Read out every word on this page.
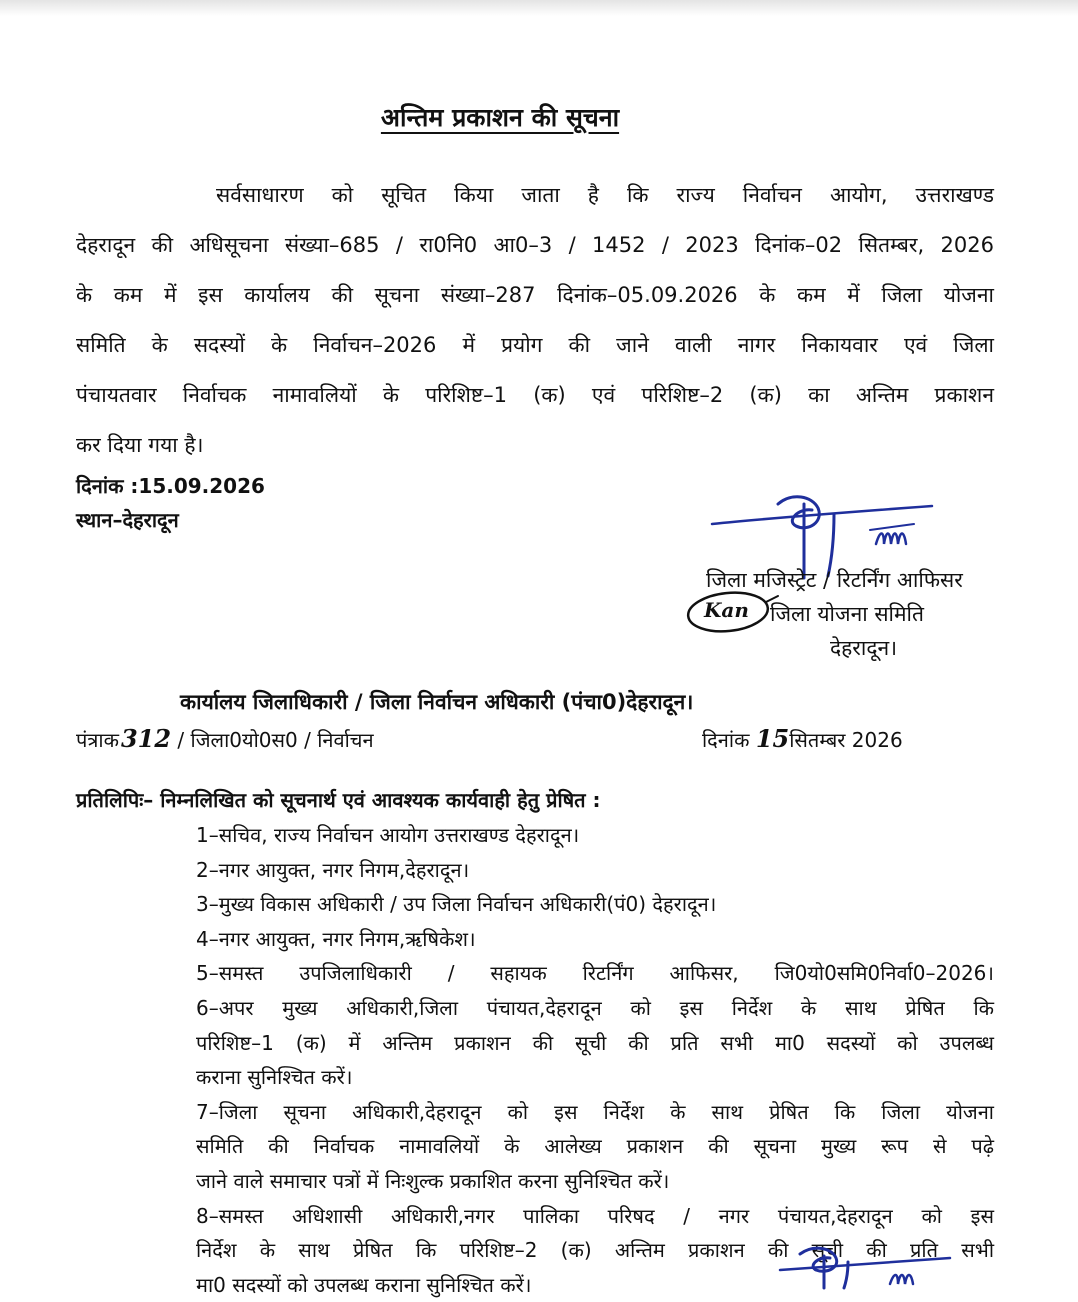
अन्तिम प्रकाशन की सूचना
सर्वसाधारण को सूचित किया जाता है कि राज्य निर्वाचन आयोग, उत्तराखण्ड
देहरादून की अधिसूचना संख्या–685 / रा0नि0 आ0–3 / 1452 / 2023 दिनांक–02 सितम्बर, 2026
के कम में इस कार्यालय की सूचना संख्या–287 दिनांक–05.09.2026 के कम में जिला योजना
समिति के सदस्यों के निर्वाचन–2026 में प्रयोग की जाने वाली नागर निकायवार एवं जिला
पंचायतवार निर्वाचक नामावलियों के परिशिष्ट–1 (क) एवं परिशिष्ट–2 (क) का अन्तिम प्रकाशन
कर दिया गया है।
दिनांक :15.09.2026
स्थान–देहरादून
जिला मजिस्ट्रेट / रिटर्निंग आफिसर
Kan जिला योजना समिति
देहरादून।
कार्यालय जिलाधिकारी / जिला निर्वाचन अधिकारी (पंचा0)देहरादून।
पंत्राक312 / जिला0यो0स0 / निर्वाचन	दिनांक 15सितम्बर 2026
प्रतिलिपिः– निम्नलिखित को सूचनार्थ एवं आवश्यक कार्यवाही हेतु प्रेषित :
1–सचिव, राज्य निर्वाचन आयोग उत्तराखण्ड देहरादून।
2–नगर आयुक्त, नगर निगम,देहरादून।
3–मुख्य विकास अधिकारी / उप जिला निर्वाचन अधिकारी(पं0) देहरादून।
4–नगर आयुक्त, नगर निगम,ऋषिकेश।
5–समस्त उपजिलाधिकारी / सहायक रिटर्निंग आफिसर, जि0यो0समि0निर्वा0–2026।
6–अपर मुख्य अधिकारी,जिला पंचायत,देहरादून को इस निर्देश के साथ प्रेषित कि
परिशिष्ट–1 (क) में अन्तिम प्रकाशन की सूची की प्रति सभी मा0 सदस्यों को उपलब्ध
कराना सुनिश्चित करें।
7–जिला सूचना अधिकारी,देहरादून को इस निर्देश के साथ प्रेषित कि जिला योजना
समिति की निर्वाचक नामावलियों के आलेख्य प्रकाशन की सूचना मुख्य रूप से पढ़े
जाने वाले समाचार पत्रों में निःशुल्क प्रकाशित करना सुनिश्चित करें।
8–समस्त अधिशासी अधिकारी,नगर पालिका परिषद / नगर पंचायत,देहरादून को इस
निर्देश के साथ प्रेषित कि परिशिष्ट–2 (क) अन्तिम प्रकाशन की सूची की प्रति सभी
मा0 सदस्यों को उपलब्ध कराना सुनिश्चित करें।
